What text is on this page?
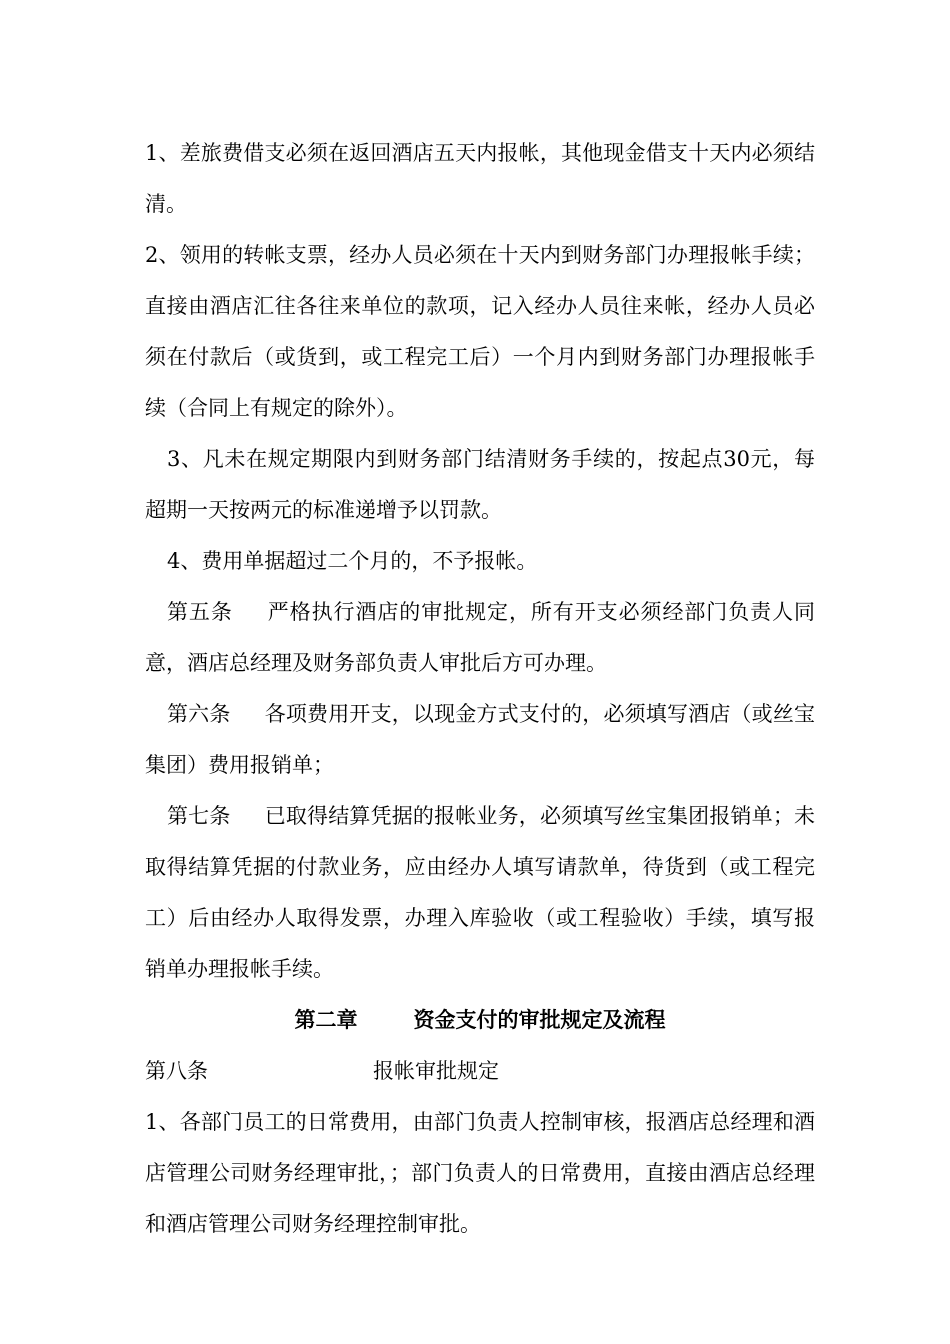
1、差旅费借支必须在返回酒店五天内报帐，其他现金借支十天内必须结清。

2、领用的转帐支票，经办人员必须在十天内到财务部门办理报帐手续；直接由酒店汇往各往来单位的款项，记入经办人员往来帐，经办人员必须在付款后（或货到，或工程完工后）一个月内到财务部门办理报帐手续（合同上有规定的除外）。

3、凡未在规定期限内到财务部门结清财务手续的，按起点30元，每超期一天按两元的标准递增予以罚款。

4、费用单据超过二个月的，不予报帐。

第五条 严格执行酒店的审批规定，所有开支必须经部门负责人同意，酒店总经理及财务部负责人审批后方可办理。

第六条 各项费用开支，以现金方式支付的，必须填写酒店（或丝宝集团）费用报销单；

第七条 已取得结算凭据的报帐业务，必须填写丝宝集团报销单；未取得结算凭据的付款业务，应由经办人填写请款单，待货到（或工程完工）后由经办人取得发票，办理入库验收（或工程验收）手续，填写报销单办理报帐手续。

第二章	资金支付的审批规定及流程

第八条	报帐审批规定

1、各部门员工的日常费用，由部门负责人控制审核，报酒店总经理和酒店管理公司财务经理审批，；部门负责人的日常费用，直接由酒店总经理和酒店管理公司财务经理控制审批。
